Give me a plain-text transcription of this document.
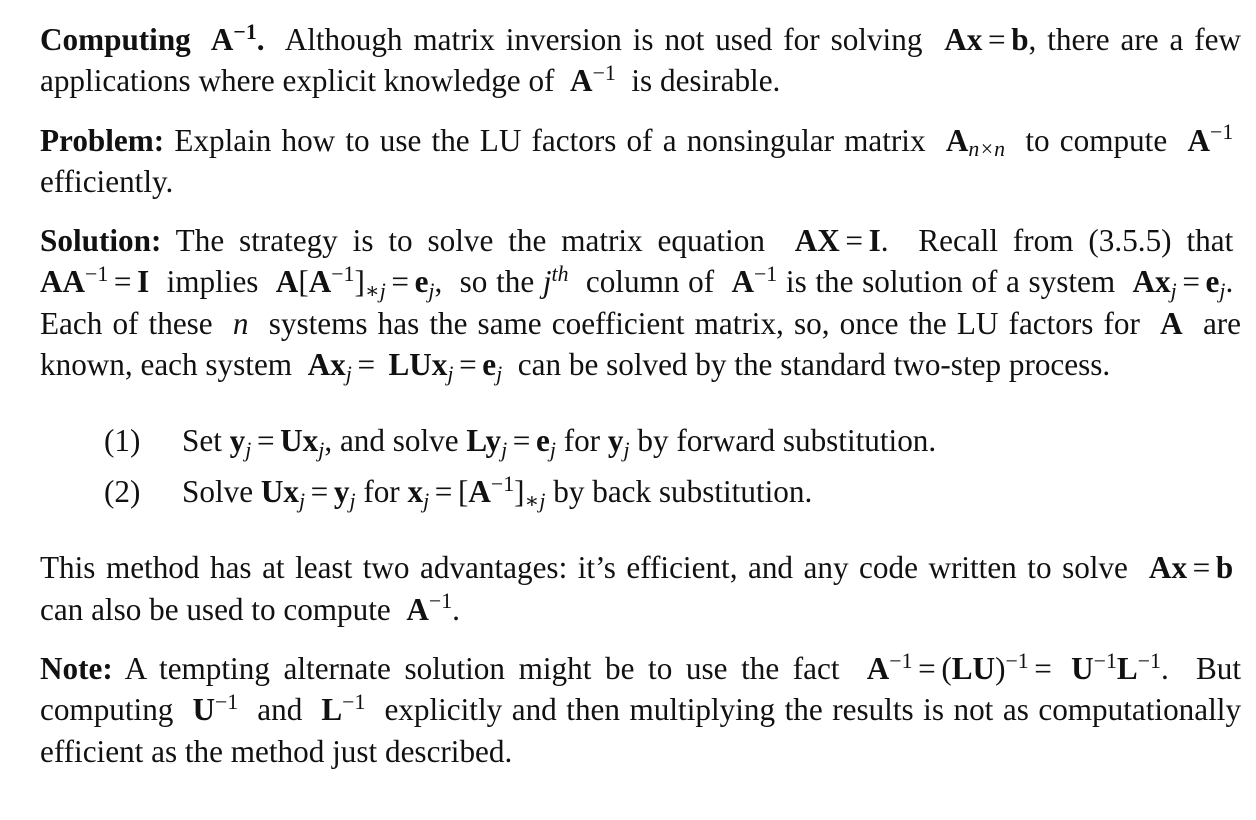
Computing  $A^{-1}$. Although matrix inversion is not used for solving Ax = b, there are a few applications where explicit knowledge of $A^{-1}$ is desirable.

Problem: Explain how to use the LU factors of a nonsingular matrix $A_{n\times n}$ to compute $A^{-1}$  efficiently.

Solution: The strategy is to solve the matrix equation AX = I.  Recall from (3.5.5) that  $AA^{-1} = I$ implies $A[A^{-1}]_{∗j} = e_j$,  so the $j^{th}$ column of $A^{-1}$ is the solution of a system $Ax_j = e_j$.  Each of these n systems has the same coefficient matrix, so, once the LU factors for A are known, each system $Ax_j = LUx_j = e_j$ can be solved by the standard two-step process.

(1)	Set $y_j = Ux_j$, and solve $Ly_j = e_j$ for $y_j$ by forward substitution.
(2)	Solve $Ux_j = y_j$ for $x_j = [A^{-1}]_{∗j}$ by back substitution.

This method has at least two advantages: it’s efficient, and any code written to solve Ax = b  can also be used to compute $A^{-1}$.

Note: A tempting alternate solution might be to use the fact $A^{-1} = (LU)^{-1} = U^{-1}L^{-1}$.  But computing $U^{-1}$ and $L^{-1}$ explicitly and then multiplying the results is not as computationally efficient as the method just described.
